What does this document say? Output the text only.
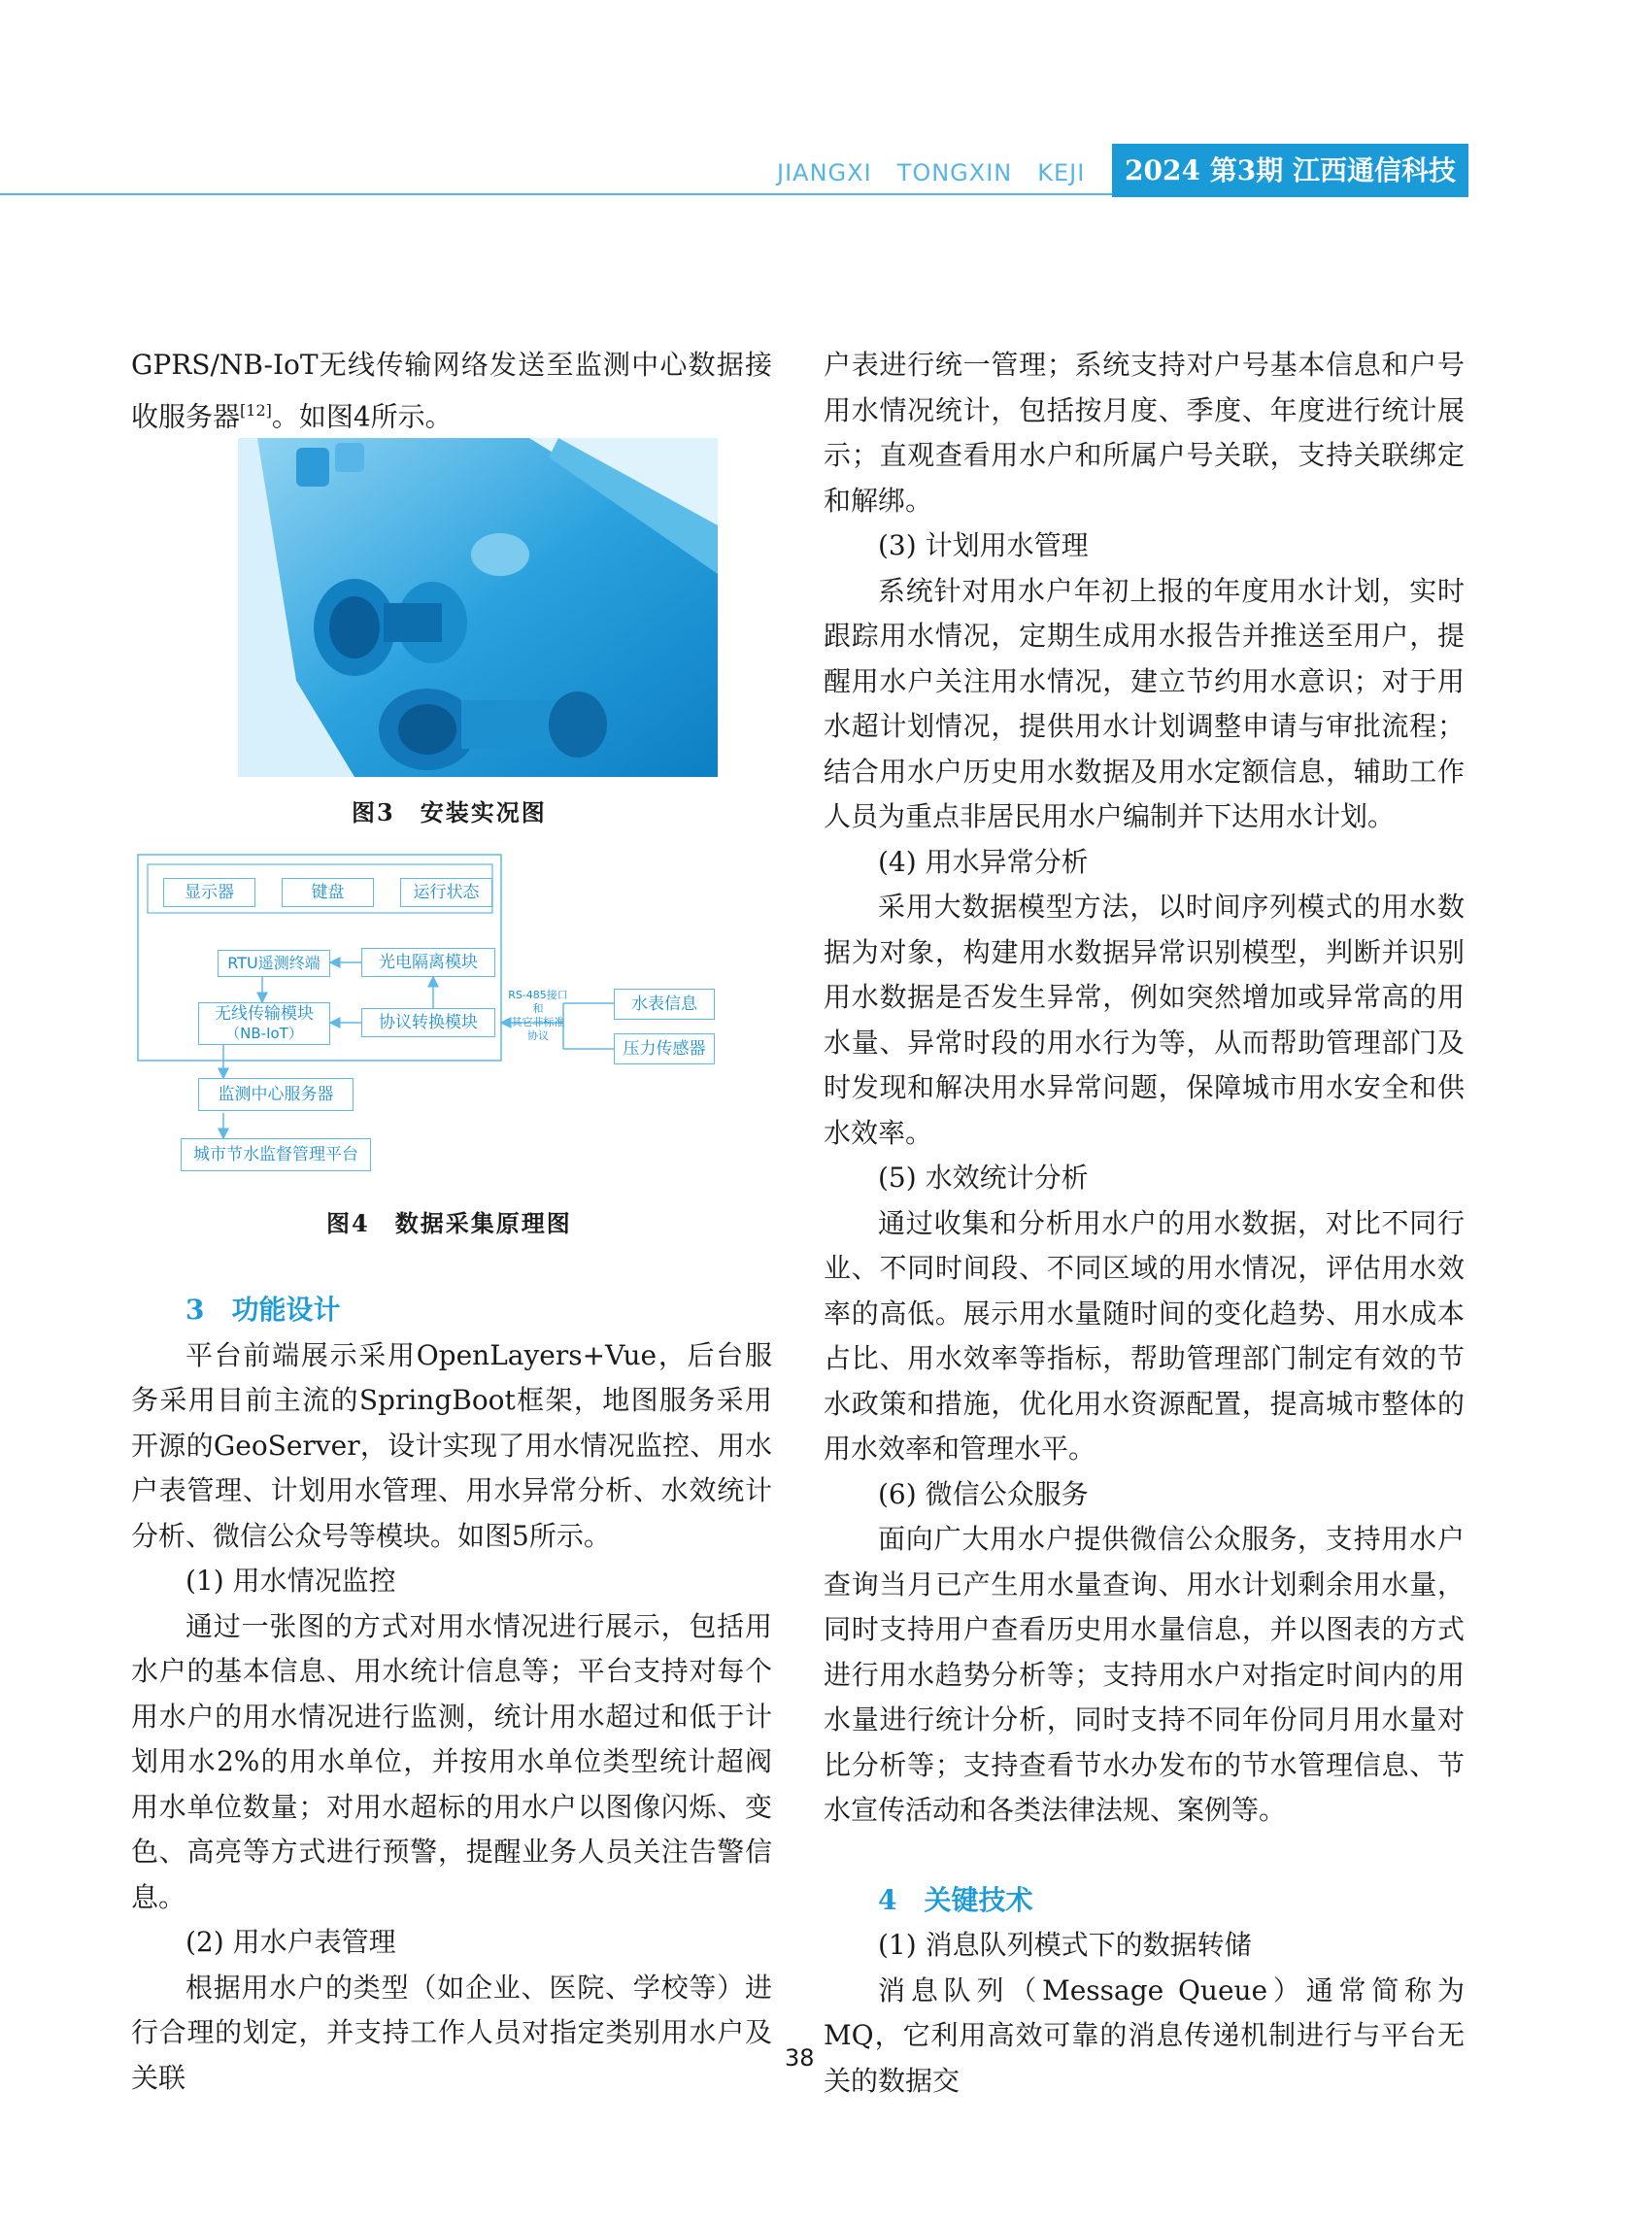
JIANGXI TONGXIN KEJI	2024 第3期 江西通信科技

GPRS/NB-IoT无线传输网络发送至监测中心数据接收服务器[12]。如图4所示。

图3　安装实况图
显示器	键盘	运行状态
RTU遥测终端	光电隔离模块
无线传输模块
（NB-IoT）
协议转换模块
RS-485接口和
其它非标准协议
水表信息
压力传感器
监测中心服务器
城市节水监督管理平台
图4　数据采集原理图

3　功能设计

平台前端展示采用OpenLayers+Vue，后台服务采用目前主流的SpringBoot框架，地图服务采用开源的GeoServer，设计实现了用水情况监控、用水户表管理、计划用水管理、用水异常分析、水效统计分析、微信公众号等模块。如图5所示。

(1) 用水情况监控

通过一张图的方式对用水情况进行展示，包括用水户的基本信息、用水统计信息等；平台支持对每个用水户的用水情况进行监测，统计用水超过和低于计划用水2%的用水单位，并按用水单位类型统计超阀用水单位数量；对用水超标的用水户以图像闪烁、变色、高亮等方式进行预警，提醒业务人员关注告警信息。

(2) 用水户表管理

根据用水户的类型（如企业、医院、学校等）进行合理的划定，并支持工作人员对指定类别用水户及关联

户表进行统一管理；系统支持对户号基本信息和户号用水情况统计，包括按月度、季度、年度进行统计展示；直观查看用水户和所属户号关联，支持关联绑定和解绑。

(3) 计划用水管理

系统针对用水户年初上报的年度用水计划，实时跟踪用水情况，定期生成用水报告并推送至用户，提醒用水户关注用水情况，建立节约用水意识；对于用水超计划情况，提供用水计划调整申请与审批流程；结合用水户历史用水数据及用水定额信息，辅助工作人员为重点非居民用水户编制并下达用水计划。

(4) 用水异常分析

采用大数据模型方法，以时间序列模式的用水数据为对象，构建用水数据异常识别模型，判断并识别用水数据是否发生异常，例如突然增加或异常高的用水量、异常时段的用水行为等，从而帮助管理部门及时发现和解决用水异常问题，保障城市用水安全和供水效率。

(5) 水效统计分析

通过收集和分析用水户的用水数据，对比不同行业、不同时间段、不同区域的用水情况，评估用水效率的高低。展示用水量随时间的变化趋势、用水成本占比、用水效率等指标，帮助管理部门制定有效的节水政策和措施，优化用水资源配置，提高城市整体的用水效率和管理水平。

(6) 微信公众服务

面向广大用水户提供微信公众服务，支持用水户查询当月已产生用水量查询、用水计划剩余用水量，同时支持用户查看历史用水量信息，并以图表的方式进行用水趋势分析等；支持用水户对指定时间内的用水量进行统计分析，同时支持不同年份同月用水量对比分析等；支持查看节水办发布的节水管理信息、节水宣传活动和各类法律法规、案例等。

4　关键技术

(1) 消息队列模式下的数据转储

消息队列（Message Queue）通常简称为MQ，它利用高效可靠的消息传递机制进行与平台无关的数据交

38
